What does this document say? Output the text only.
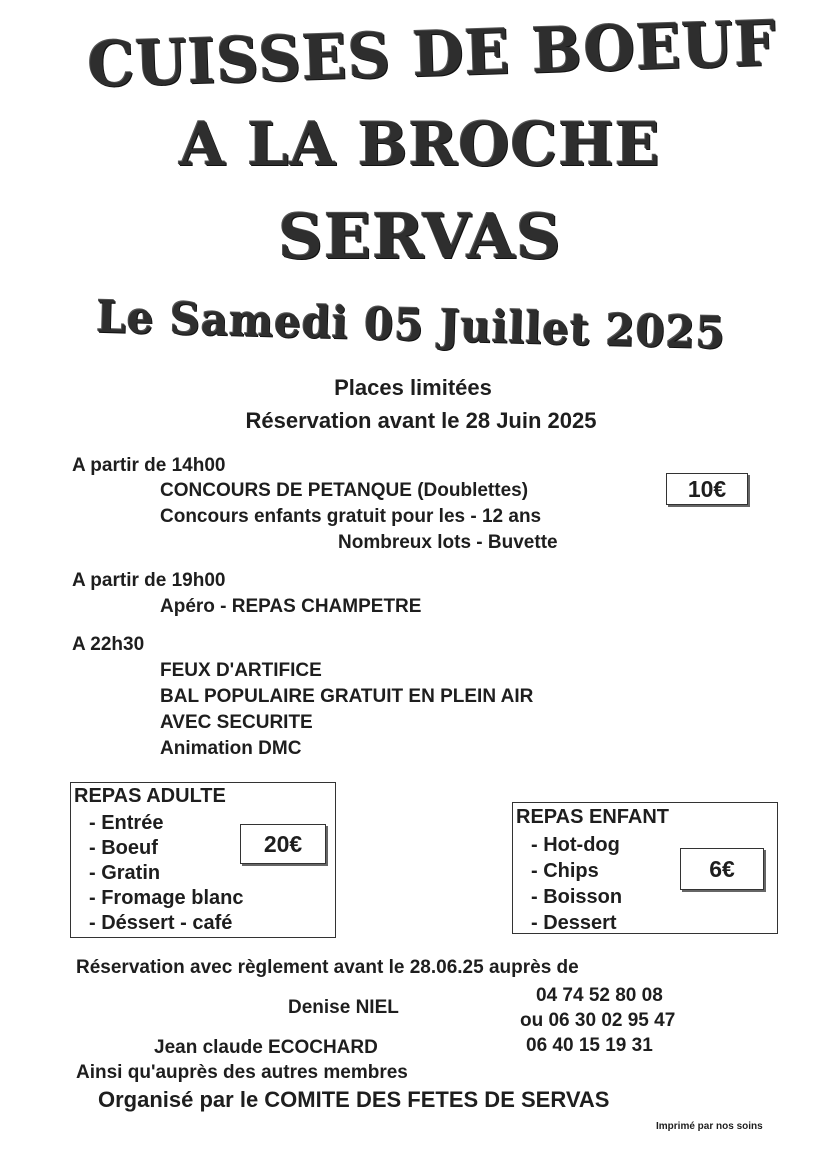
CUISSES DE BOEUF
A LA BROCHE
SERVAS
Le Samedi 05 Juillet 2025
Places limitées
Réservation avant le 28 Juin 2025
A partir de 14h00
CONCOURS DE PETANQUE (Doublettes)
Concours enfants gratuit pour les - 12 ans
Nombreux lots - Buvette
10€
A partir de 19h00
Apéro - REPAS CHAMPETRE
A 22h30
FEUX D'ARTIFICE
BAL POPULAIRE GRATUIT EN PLEIN AIR
AVEC SECURITE
Animation DMC
REPAS ADULTE
- Entrée
- Boeuf
- Gratin
- Fromage blanc
- Déssert - café
20€
REPAS ENFANT
- Hot-dog
- Chips
- Boisson
- Dessert
6€
Réservation avec règlement avant le 28.06.25 auprès de
Denise NIEL
04 74 52 80 08
ou 06 30 02 95 47
Jean claude ECOCHARD	06 40 15 19 31
Ainsi qu'auprès des autres membres
Organisé par le COMITE DES FETES DE SERVAS
Imprimé par nos soins
